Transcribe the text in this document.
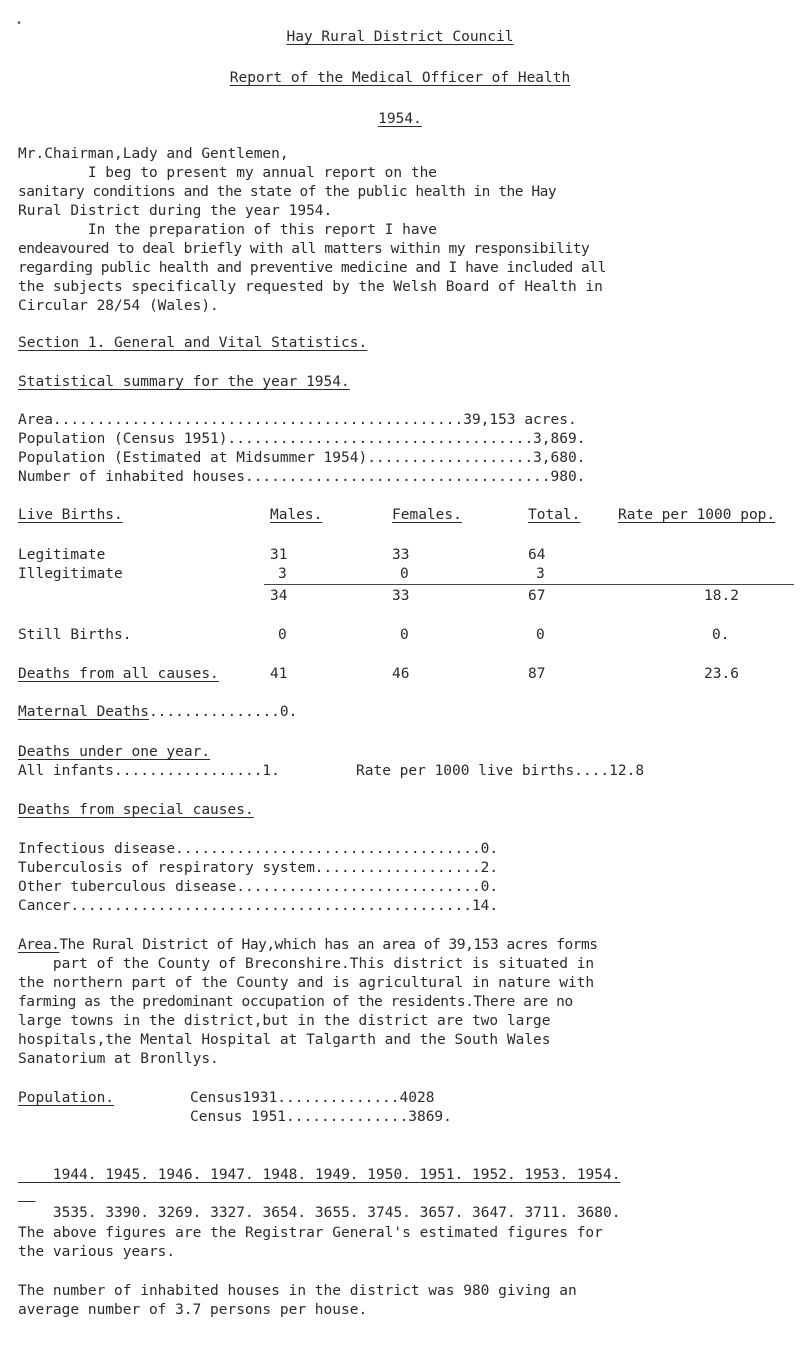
•
Hay Rural District Council
Report of the Medical Officer of Health
1954.
Mr.Chairman,Lady and Gentlemen,
I beg to present my annual report on the
sanitary conditions and the state of the public health in the Hay
Rural District during the year 1954.
In the preparation of this report I have
endeavoured to deal briefly with all matters within my responsibility
regarding public health and preventive medicine and I have included all
the subjects specifically requested by the Welsh Board of Health in
Circular 28/54 (Wales).
Section 1. General and Vital Statistics.
Statistical summary for the year 1954.
Area...............................................39,153 acres.
Population (Census 1951)...................................3,869.
Population (Estimated at Midsummer 1954)...................3,680.
Number of inhabited houses...................................980.
Live Births.	Males.	Females.	Total.	Rate per 1000 pop.
Legitimate	31	33	64
Illegitimate	3	0	3
34	33	67	18.2
Still Births.	0	0	0	0.
Deaths from all causes.	41	46	87	23.6
Maternal Deaths...............0.
Deaths under one year.
All infants.................1.	Rate per 1000 live births....12.8
Deaths from special causes.
Infectious disease...................................0.
Tuberculosis of respiratory system...................2.
Other tuberculous disease............................0.
Cancer..............................................14.
Area.The Rural District of Hay,which has an area of 39,153 acres forms
part of the County of Breconshire.This district is situated in
the northern part of the County and is agricultural in nature with
farming as the predominant occupation of the residents.There are no
large towns in the district,but in the district are two large
hospitals,the Mental Hospital at Talgarth and the South Wales
Sanatorium at Bronllys.
Population.	Census1931..............4028
Census 1951..............3869.

1944. 1945. 1946. 1947. 1948. 1949. 1950. 1951. 1952. 1953. 1954.

3535. 3390. 3269. 3327. 3654. 3655. 3745. 3657. 3647. 3711. 3680.

The above figures are the Registrar General's estimated figures for
the various years.
The number of inhabited houses in the district was 980 giving an
average number of 3.7 persons per house.
